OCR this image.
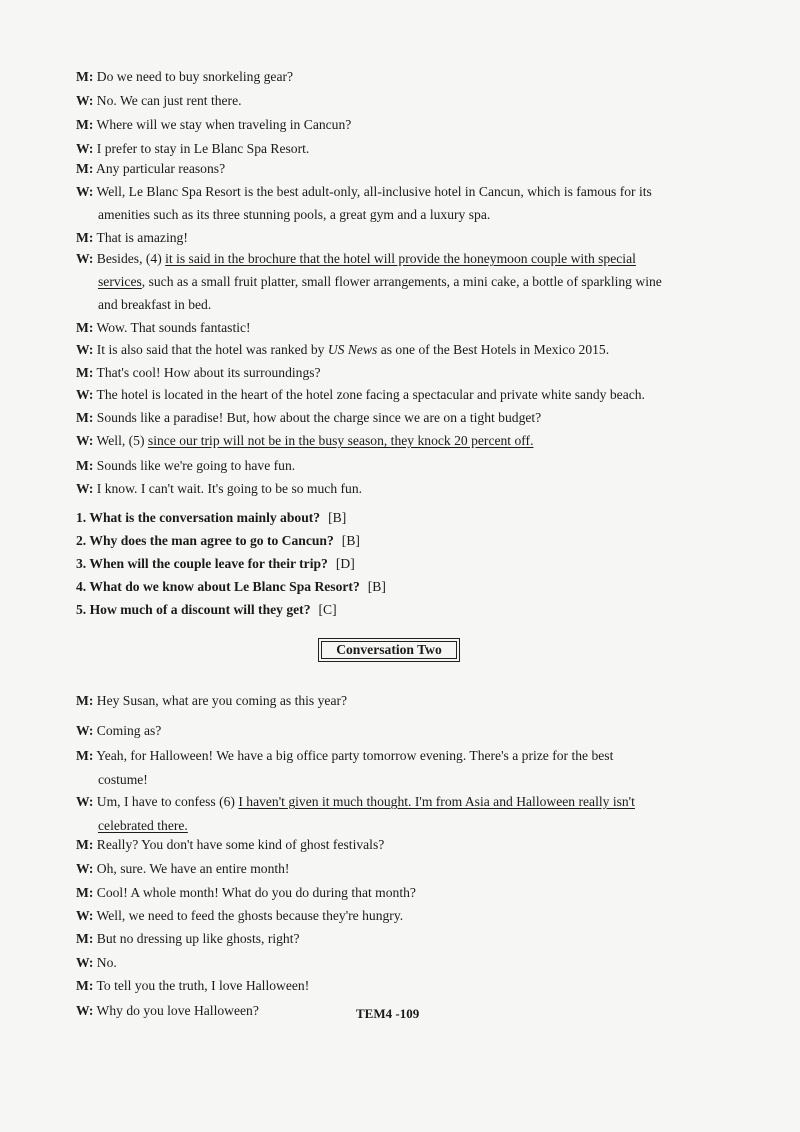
M: Do we need to buy snorkeling gear?
W: No. We can just rent there.
M: Where will we stay when traveling in Cancun?
W: I prefer to stay in Le Blanc Spa Resort.
M: Any particular reasons?
W: Well, Le Blanc Spa Resort is the best adult-only, all-inclusive hotel in Cancun, which is famous for its
amenities such as its three stunning pools, a great gym and a luxury spa.
M: That is amazing!
W: Besides, (4) it is said in the brochure that the hotel will provide the honeymoon couple with special
services, such as a small fruit platter, small flower arrangements, a mini cake, a bottle of sparkling wine
and breakfast in bed.
M: Wow. That sounds fantastic!
W: It is also said that the hotel was ranked by US News as one of the Best Hotels in Mexico 2015.
M: That's cool! How about its surroundings?
W: The hotel is located in the heart of the hotel zone facing a spectacular and private white sandy beach.
M: Sounds like a paradise! But, how about the charge since we are on a tight budget?
W: Well, (5) since our trip will not be in the busy season, they knock 20 percent off.
M: Sounds like we're going to have fun.
W: I know. I can't wait. It's going to be so much fun.
1. What is the conversation mainly about? [B]
2. Why does the man agree to go to Cancun? [B]
3. When will the couple leave for their trip? [D]
4. What do we know about Le Blanc Spa Resort? [B]
5. How much of a discount will they get? [C]
Conversation Two
M: Hey Susan, what are you coming as this year?
W: Coming as?
M: Yeah, for Halloween! We have a big office party tomorrow evening. There's a prize for the best
costume!
W: Um, I have to confess (6) I haven't given it much thought. I'm from Asia and Halloween really isn't
celebrated there.
M: Really? You don't have some kind of ghost festivals?
W: Oh, sure. We have an entire month!
M: Cool! A whole month! What do you do during that month?
W: Well, we need to feed the ghosts because they're hungry.
M: But no dressing up like ghosts, right?
W: No.
M: To tell you the truth, I love Halloween!
W: Why do you love Halloween?	TEM4 -109
